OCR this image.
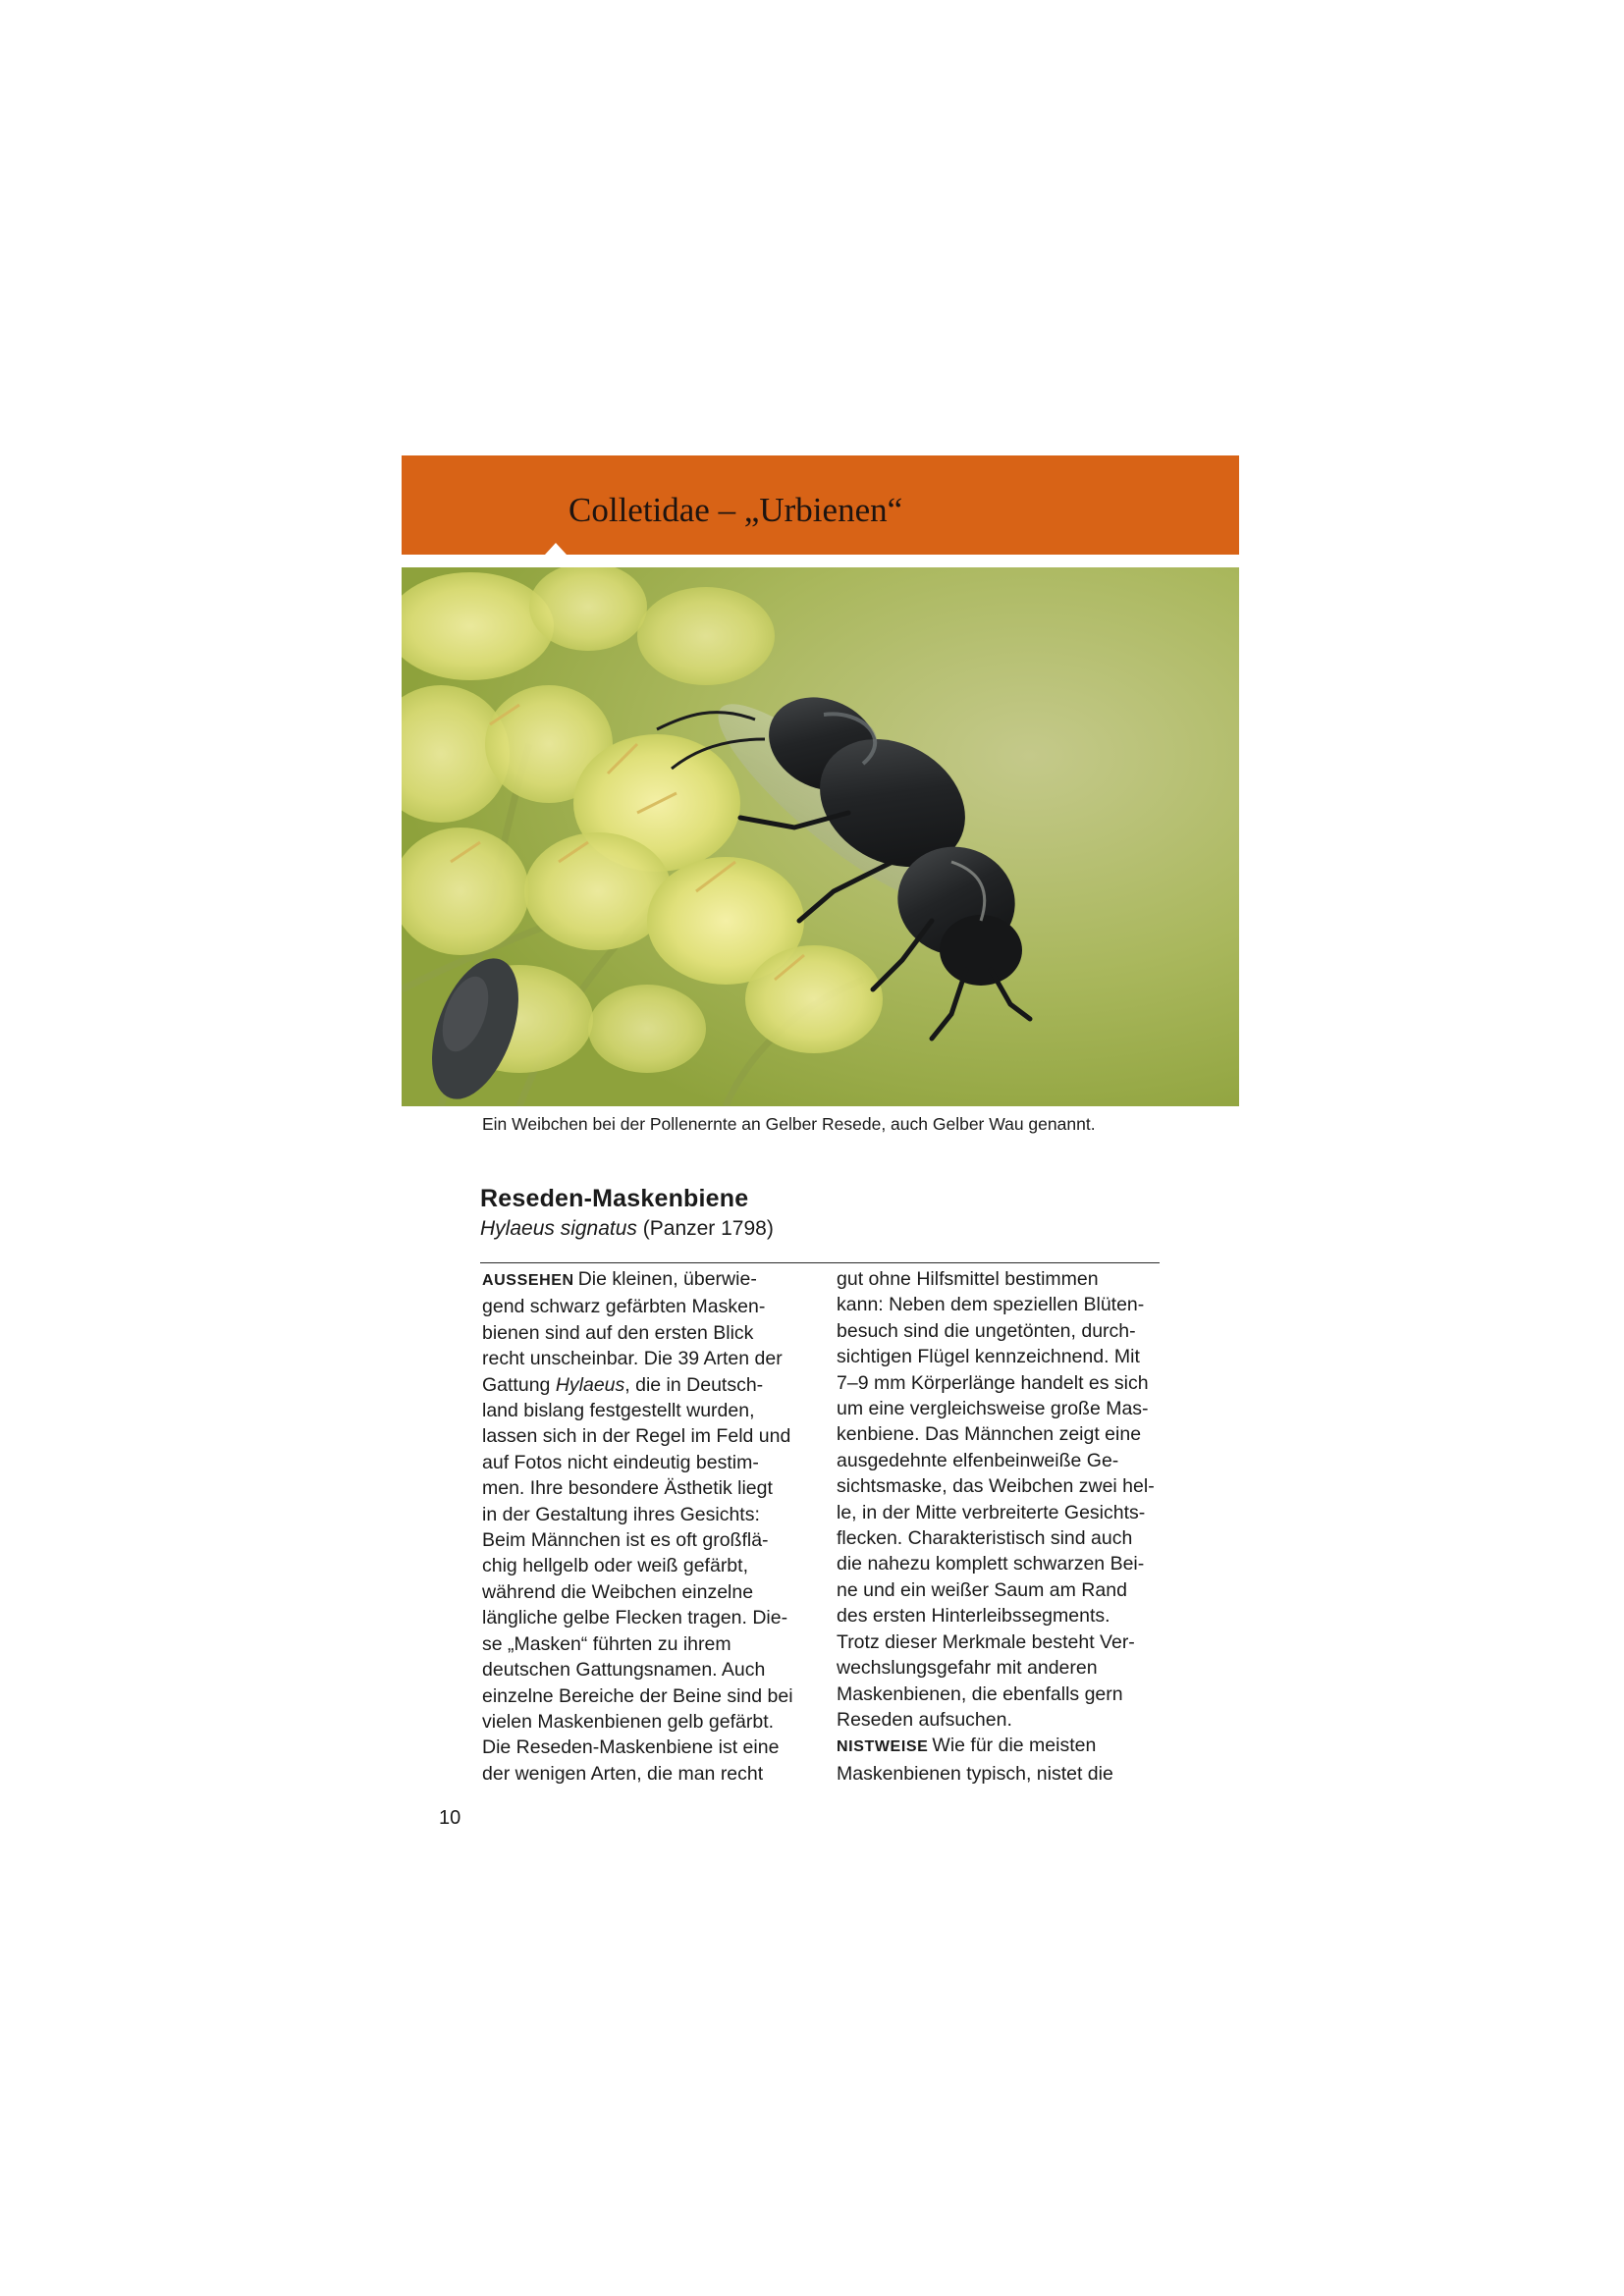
Colletidae – „Urbienen“
Ein Weibchen bei der Pollenernte an Gelber Resede, auch Gelber Wau genannt.
Reseden-Maskenbiene
Hylaeus signatus (Panzer 1798)
AUSSEHEN Die kleinen, überwie-
gend schwarz gefärbten Masken-
bienen sind auf den ersten Blick
recht unscheinbar. Die 39 Arten der
Gattung Hylaeus, die in Deutsch-
land bislang festgestellt wurden,
lassen sich in der Regel im Feld und
auf Fotos nicht eindeutig bestim-
men. Ihre besondere Ästhetik liegt
in der Gestaltung ihres Gesichts:
Beim Männchen ist es oft großflä-
chig hellgelb oder weiß gefärbt,
während die Weibchen einzelne
längliche gelbe Flecken tragen. Die-
se „Masken“ führten zu ihrem
deutschen Gattungsnamen. Auch
einzelne Bereiche der Beine sind bei
vielen Maskenbienen gelb gefärbt.
Die Reseden-Maskenbiene ist eine
der wenigen Arten, die man recht
gut ohne Hilfsmittel bestimmen
kann: Neben dem speziellen Blüten-
besuch sind die ungetönten, durch-
sichtigen Flügel kennzeichnend. Mit
7–9 mm Körperlänge handelt es sich
um eine vergleichsweise große Mas-
kenbiene. Das Männchen zeigt eine
ausgedehnte elfenbeinweiße Ge-
sichtsmaske, das Weibchen zwei hel-
le, in der Mitte verbreiterte Gesichts-
flecken. Charakteristisch sind auch
die nahezu komplett schwarzen Bei-
ne und ein weißer Saum am Rand
des ersten Hinterleibssegments.
Trotz dieser Merkmale besteht Ver-
wechslungsgefahr mit anderen
Maskenbienen, die ebenfalls gern
Reseden aufsuchen.
NISTWEISE Wie für die meisten
Maskenbienen typisch, nistet die
10
